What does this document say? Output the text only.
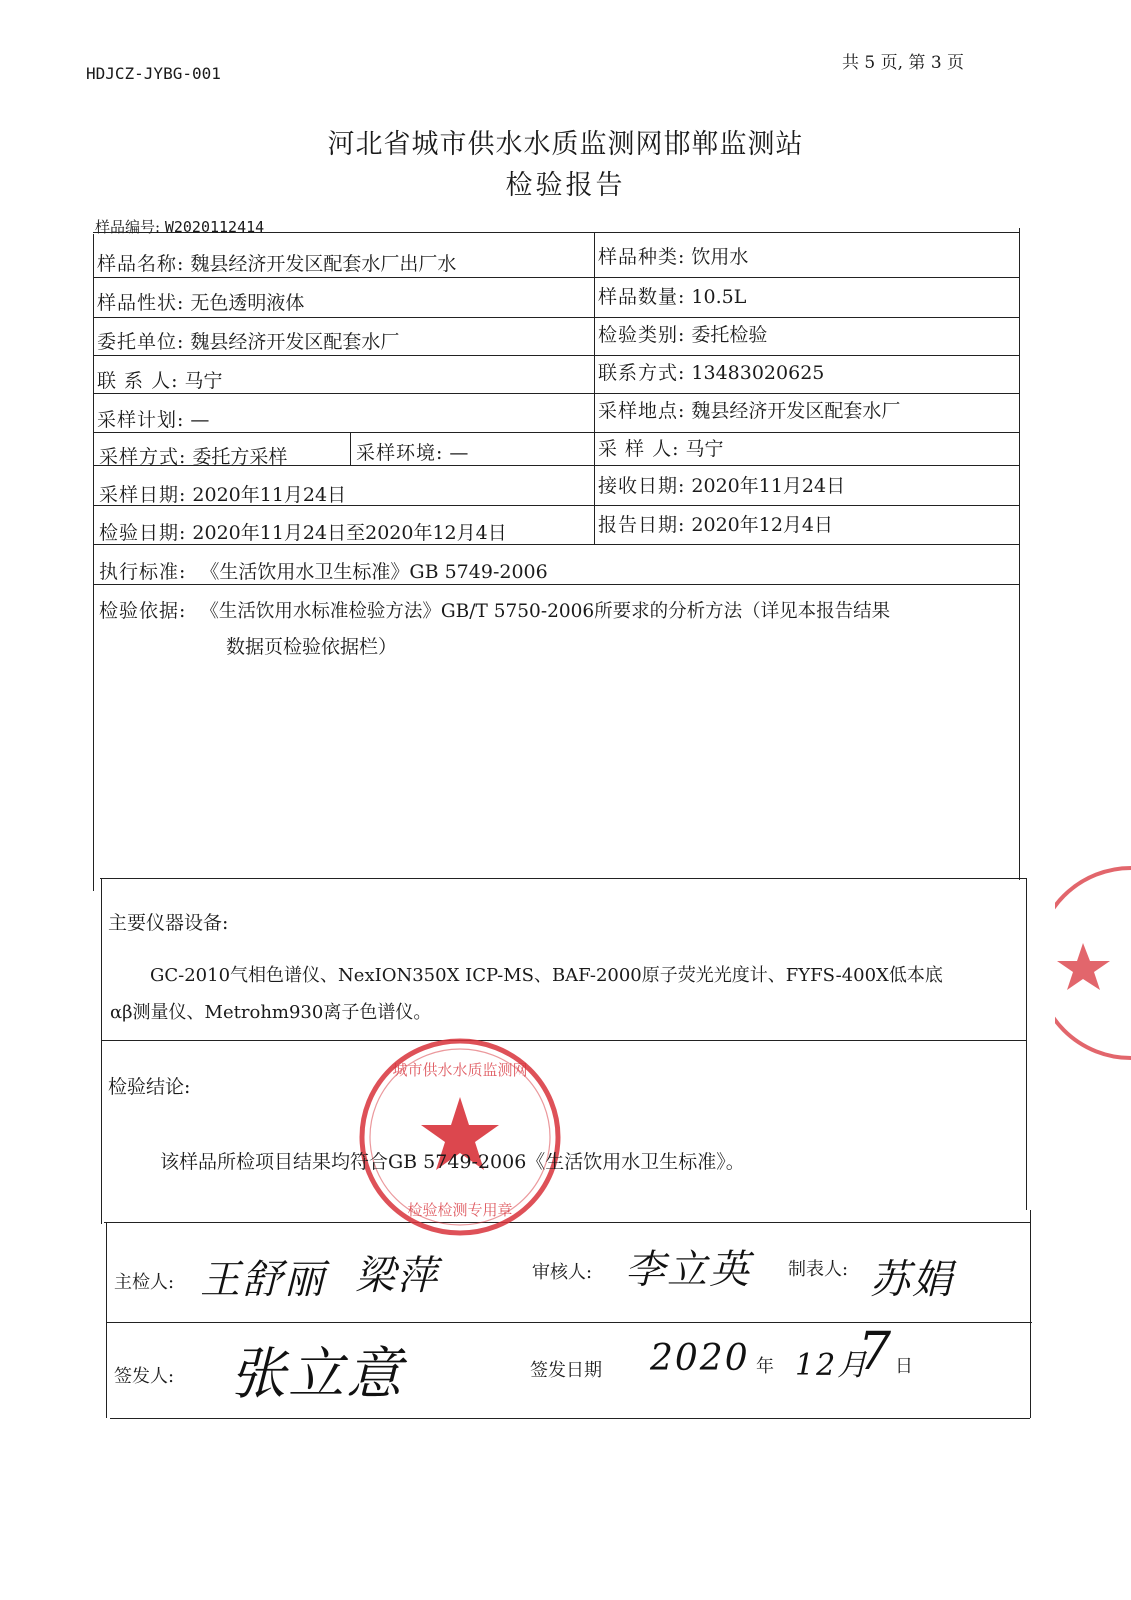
HDJCZ-JYBG-001
共 5 页, 第 3 页
河北省城市供水水质监测网邯郸监测站
检验报告
样品编号: W2020112414
样品名称: 魏县经济开发区配套水厂出厂水	样品种类: 饮用水
样品性状: 无色透明液体	样品数量: 10.5L
委托单位: 魏县经济开发区配套水厂	检验类别: 委托检验
联 系 人: 马宁	联系方式: 13483020625
采样计划: —	采样地点: 魏县经济开发区配套水厂
采样方式: 委托方采样	采样环境: —	采 样 人: 马宁
采样日期: 2020年11月24日	接收日期: 2020年11月24日
检验日期: 2020年11月24日至2020年12月4日	报告日期: 2020年12月4日
执行标准: 《生活饮用水卫生标准》GB 5749-2006
检验依据: 《生活饮用水标准检验方法》GB/T 5750-2006所要求的分析方法（详见本报告结果
数据页检验依据栏）
主要仪器设备:
GC-2010气相色谱仪、NexION350X ICP-MS、BAF-2000原子荧光光度计、FYFS-400X低本底
αβ测量仪、Metrohm930离子色谱仪。
检验结论:
城市供水水质监测网
检验检测专用章
该样品所检项目结果均符合GB 5749-2006《生活饮用水卫生标准》。
主检人: 王舒丽 梁萍	审核人: 李立英 制表人: 苏娟
签发人: 张立意	签发日期 2020 年 12月
7 日
